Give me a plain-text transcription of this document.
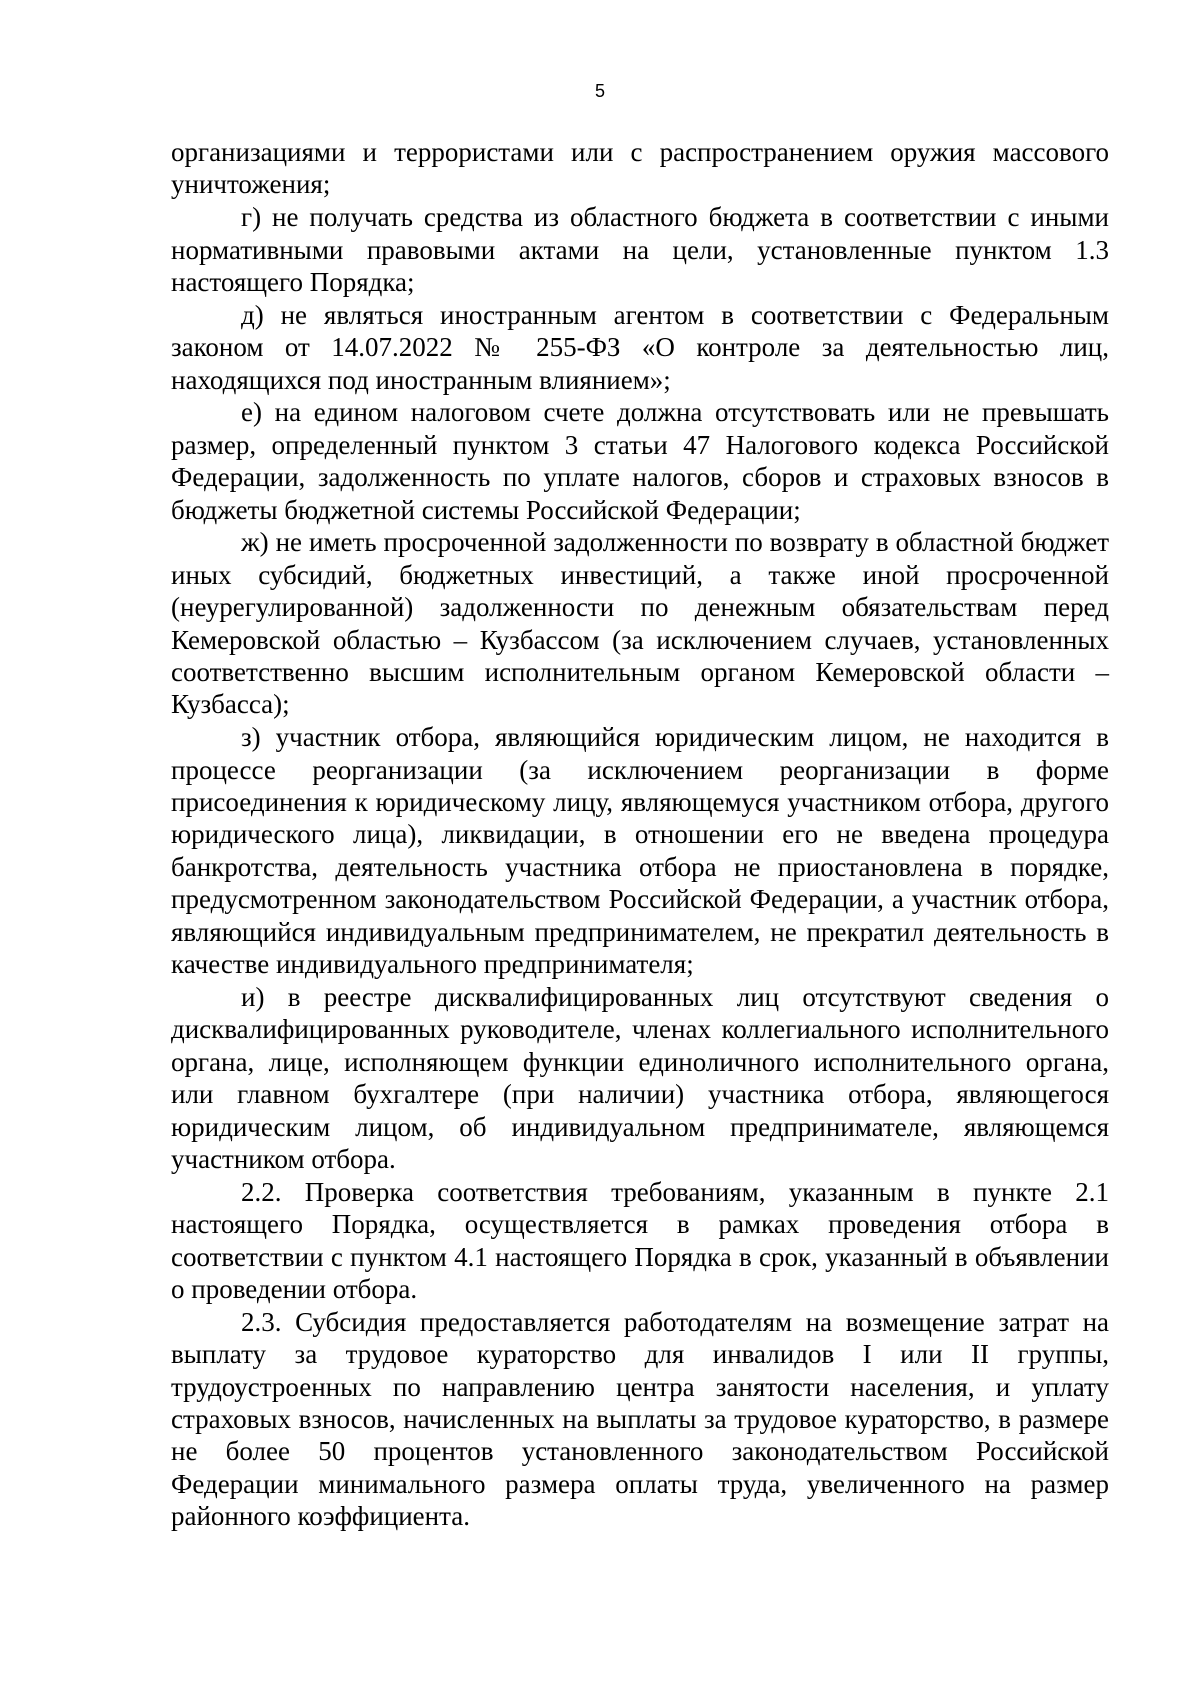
5

организациями и террористами или с распространением оружия массового уничтожения;

г) не получать средства из областного бюджета в соответствии с иными нормативными правовыми актами на цели, установленные пунктом 1.3 настоящего Порядка;

д) не являться иностранным агентом в соответствии с Федеральным законом от 14.07.2022 № 255-ФЗ «О контроле за деятельностью лиц, находящихся под иностранным влиянием»;

е) на едином налоговом счете должна отсутствовать или не превышать размер, определенный пунктом 3 статьи 47 Налогового кодекса Российской Федерации, задолженность по уплате налогов, сборов и страховых взносов в бюджеты бюджетной системы Российской Федерации;

ж) не иметь просроченной задолженности по возврату в областной бюджет иных субсидий, бюджетных инвестиций, а также иной просроченной (неурегулированной) задолженности по денежным обязательствам перед Кемеровской областью – Кузбассом (за исключением случаев, установленных соответственно высшим исполнительным органом Кемеровской области – Кузбасса);

з) участник отбора, являющийся юридическим лицом, не находится в процессе реорганизации (за исключением реорганизации в форме присоединения к юридическому лицу, являющемуся участником отбора, другого юридического лица), ликвидации, в отношении его не введена процедура банкротства, деятельность участника отбора не приостановлена в порядке, предусмотренном законодательством Российской Федерации, а участник отбора, являющийся индивидуальным предпринимателем, не прекратил деятельность в качестве индивидуального предпринимателя;

и) в реестре дисквалифицированных лиц отсутствуют сведения о дисквалифицированных руководителе, членах коллегиального исполнительного органа, лице, исполняющем функции единоличного исполнительного органа, или главном бухгалтере (при наличии) участника отбора, являющегося юридическим лицом, об индивидуальном предпринимателе, являющемся участником отбора.

2.2. Проверка соответствия требованиям, указанным в пункте 2.1 настоящего Порядка, осуществляется в рамках проведения отбора в соответствии с пунктом 4.1 настоящего Порядка в срок, указанный в объявлении о проведении отбора.

2.3. Субсидия предоставляется работодателям на возмещение затрат на выплату за трудовое кураторство для инвалидов I или II группы, трудоустроенных по направлению центра занятости населения, и уплату страховых взносов, начисленных на выплаты за трудовое кураторство, в размере не более 50 процентов установленного законодательством Российской Федерации минимального размера оплаты труда, увеличенного на размер районного коэффициента.
